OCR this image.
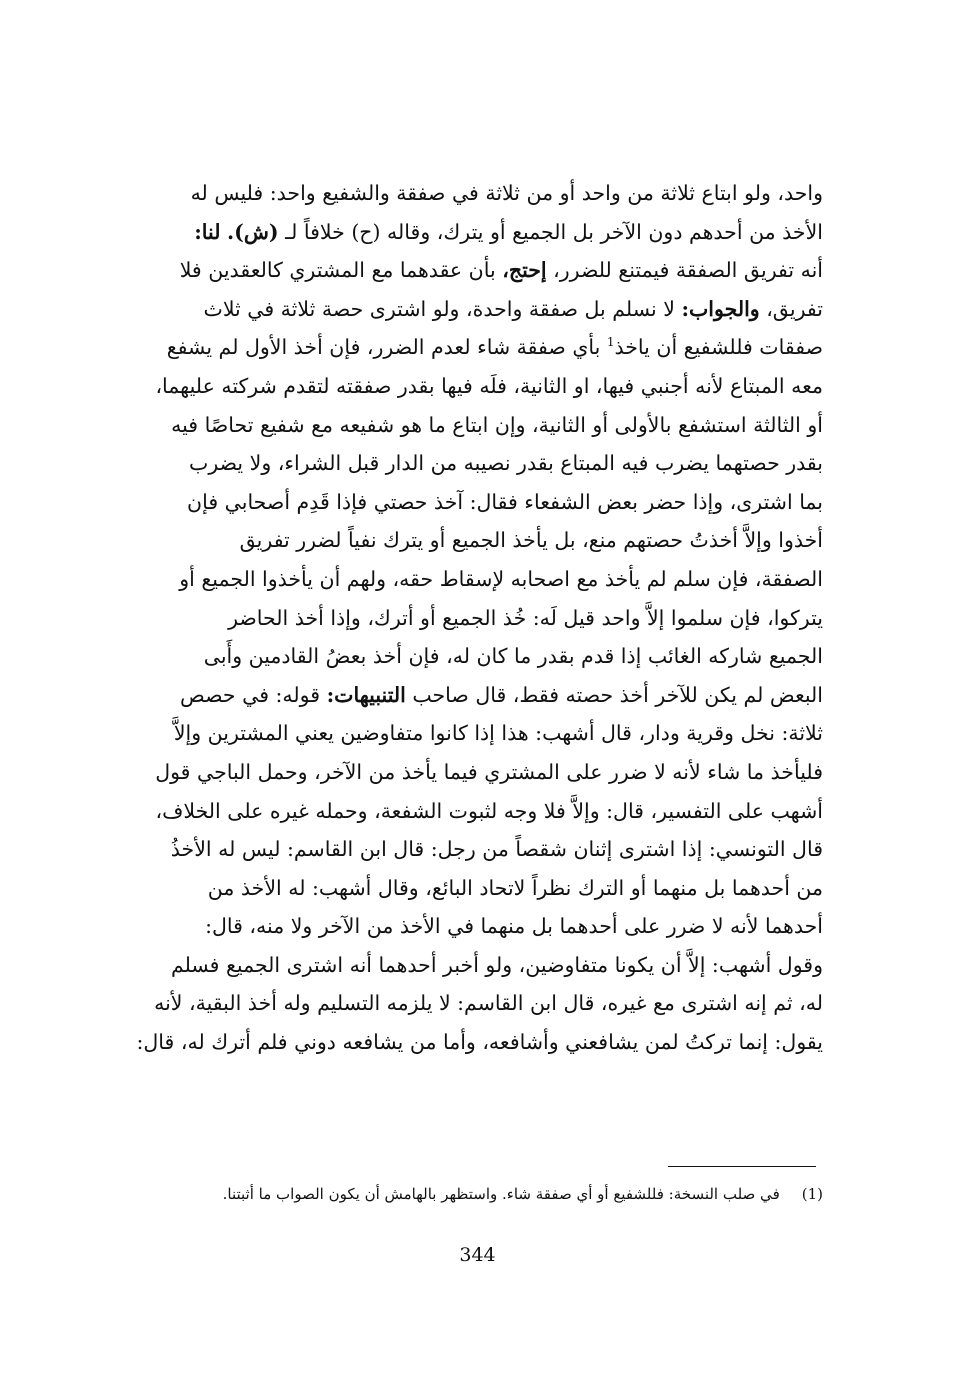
واحد، ولو ابتاع ثلاثة من واحد أو من ثلاثة في صفقة والشفيع واحد: فليس له
الأخذ من أحدهم دون الآخر بل الجميع أو يترك، وقاله (ح) خلافاً لـ (ش). لنا:
أنه تفريق الصفقة فيمتنع للضرر، إحتج، بأن عقدهما مع المشتري كالعقدين فلا
تفريق، والجواب: لا نسلم بل صفقة واحدة، ولو اشترى حصة ثلاثة في ثلاث
صفقات فللشفيع أن ياخذ$^1$ بأي صفقة شاء لعدم الضرر، فإن أخذ الأول لم يشفع
معه المبتاع لأنه أجنبي فيها، او الثانية، فلَه فيها بقدر صفقته لتقدم شركته عليهما،
أو الثالثة استشفع بالأولى أو الثانية، وإن ابتاع ما هو شفيعه مع شفيع تحاصًا فيه
بقدر حصتهما يضرب فيه المبتاع بقدر نصيبه من الدار قبل الشراء، ولا يضرب
بما اشترى، وإذا حضر بعض الشفعاء فقال: آخذ حصتي فإذا قَدِم أصحابي فإن
أخذوا وإلاَّ أخذتُ حصتهم منع، بل يأخذ الجميع أو يترك نفياً لضرر تفريق
الصفقة، فإن سلم لم يأخذ مع اصحابه لإسقاط حقه، ولهم أن يأخذوا الجميع أو
يتركوا، فإن سلموا إلاَّ واحد قيل لَه: خُذ الجميع أو أترك، وإذا أخذ الحاضر
الجميع شاركه الغائب إذا قدم بقدر ما كان له، فإن أخذ بعضُ القادمين وأَبى
البعض لم يكن للآخر أخذ حصته فقط، قال صاحب التنبيهات: قوله: في حصص
ثلاثة: نخل وقرية ودار، قال أشهب: هذا إذا كانوا متفاوضين يعني المشترين وإلاَّ
فليأخذ ما شاء لأنه لا ضرر على المشتري فيما يأخذ من الآخر، وحمل الباجي قول
أشهب على التفسير، قال: وإلاَّ فلا وجه لثبوت الشفعة، وحمله غيره على الخلاف،
قال التونسي: إذا اشترى إثنان شقصاً من رجل: قال ابن القاسم: ليس له الأخذُ
من أحدهما بل منهما أو الترك نظراً لاتحاد البائع، وقال أشهب: له الأخذ من
أحدهما لأنه لا ضرر على أحدهما بل منهما في الأخذ من الآخر ولا منه، قال:
وقول أشهب: إلاَّ أن يكونا متفاوضين، ولو أخبر أحدهما أنه اشترى الجميع فسلم
له، ثم إنه اشترى مع غيره، قال ابن القاسم: لا يلزمه التسليم وله أخذ البقية، لأنه
يقول: إنما تركتُ لمن يشافعني وأشافعه، وأما من يشافعه دوني فلم أترك له، قال:
(1)في صلب النسخة: فللشفيع أو أي صفقة شاء. واستظهر بالهامش أن يكون الصواب ما أثبتنا.
344
